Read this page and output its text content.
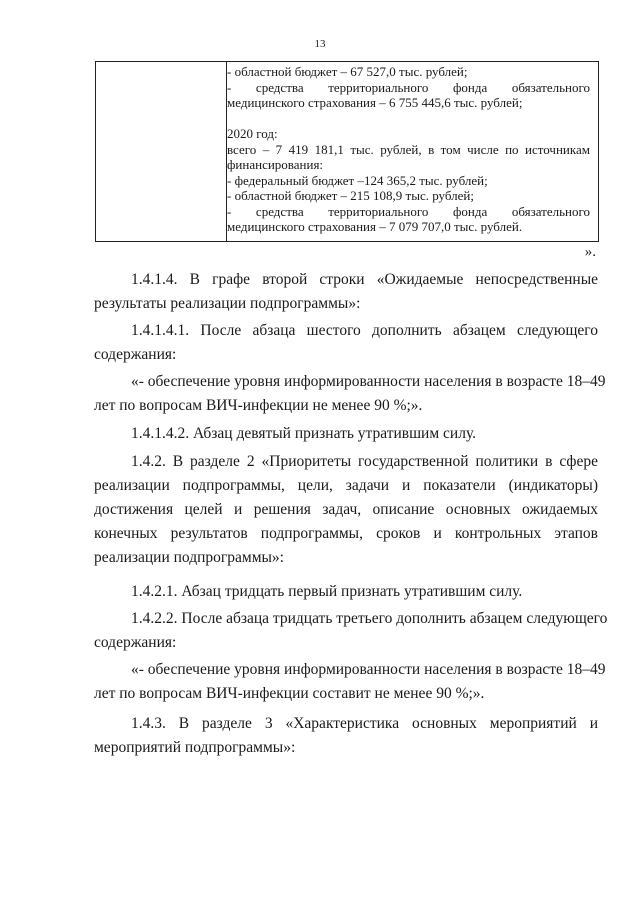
13
- областной бюджет – 67 527,0 тыс. рублей;
- средства территориального фонда обязательного
медицинского страхования – 6 755 445,6 тыс. рублей;
2020 год:
всего – 7 419 181,1 тыс. рублей, в том числе по источникам
финансирования:
- федеральный бюджет –124 365,2 тыс. рублей;
- областной бюджет – 215 108,9 тыс. рублей;
- средства территориального фонда обязательного
медицинского страхования – 7 079 707,0 тыс. рублей.
».

1.4.1.4. В графе второй строки «Ожидаемые непосредственные
результаты реализации подпрограммы»:

1.4.1.4.1. После абзаца шестого дополнить абзацем следующего
содержания:

«- обеспечение уровня информированности населения в возрасте 18–49
лет по вопросам ВИЧ-инфекции не менее 90 %;».

1.4.1.4.2. Абзац девятый признать утратившим силу.

1.4.2. В разделе 2 «Приоритеты государственной политики в сфере
реализации подпрограммы, цели, задачи и показатели (индикаторы)
достижения целей и решения задач, описание основных ожидаемых
конечных результатов подпрограммы, сроков и контрольных этапов
реализации подпрограммы»:

1.4.2.1. Абзац тридцать первый признать утратившим силу.

1.4.2.2. После абзаца тридцать третьего дополнить абзацем следующего
содержания:

«- обеспечение уровня информированности населения в возрасте 18–49
лет по вопросам ВИЧ-инфекции составит не менее 90 %;».

1.4.3. В разделе 3 «Характеристика основных мероприятий и
мероприятий подпрограммы»:
